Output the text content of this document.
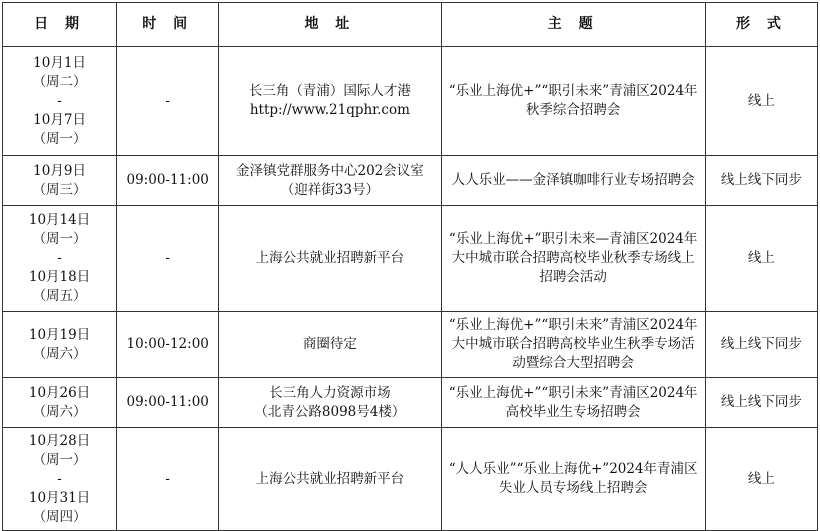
日 期	时 间	地 址	主 题	形 式

10月1日
（周二）
-
10月7日
（周一）	-	长三角（青浦）国际人才港
http://www.21qphr.com	“乐业上海优+”“职引未来”青浦区2024年秋季综合招聘会	线上

10月9日
（周三）	09:00-11:00	金泽镇党群服务中心202会议室
（迎祥街33号）	人人乐业——金泽镇咖啡行业专场招聘会	线上线下同步

10月14日
（周一）
-
10月18日
（周五）	-	上海公共就业招聘新平台	“乐业上海优+”职引未来—青浦区2024年大中城市联合招聘高校毕业秋季专场线上招聘会活动	线上

10月19日
（周六）	10:00-12:00	商圈待定	“乐业上海优+”“职引未来”青浦区2024年大中城市联合招聘高校毕业生秋季专场活动暨综合大型招聘会	线上线下同步

10月26日
（周六）	09:00-11:00	长三角人力资源市场
（北青公路8098号4楼）	“乐业上海优+”“职引未来”青浦区2024年高校毕业生专场招聘会	线上线下同步

10月28日
（周一）
-
10月31日
（周四）	-	上海公共就业招聘新平台	“人人乐业”“乐业上海优+”2024年青浦区失业人员专场线上招聘会	线上
